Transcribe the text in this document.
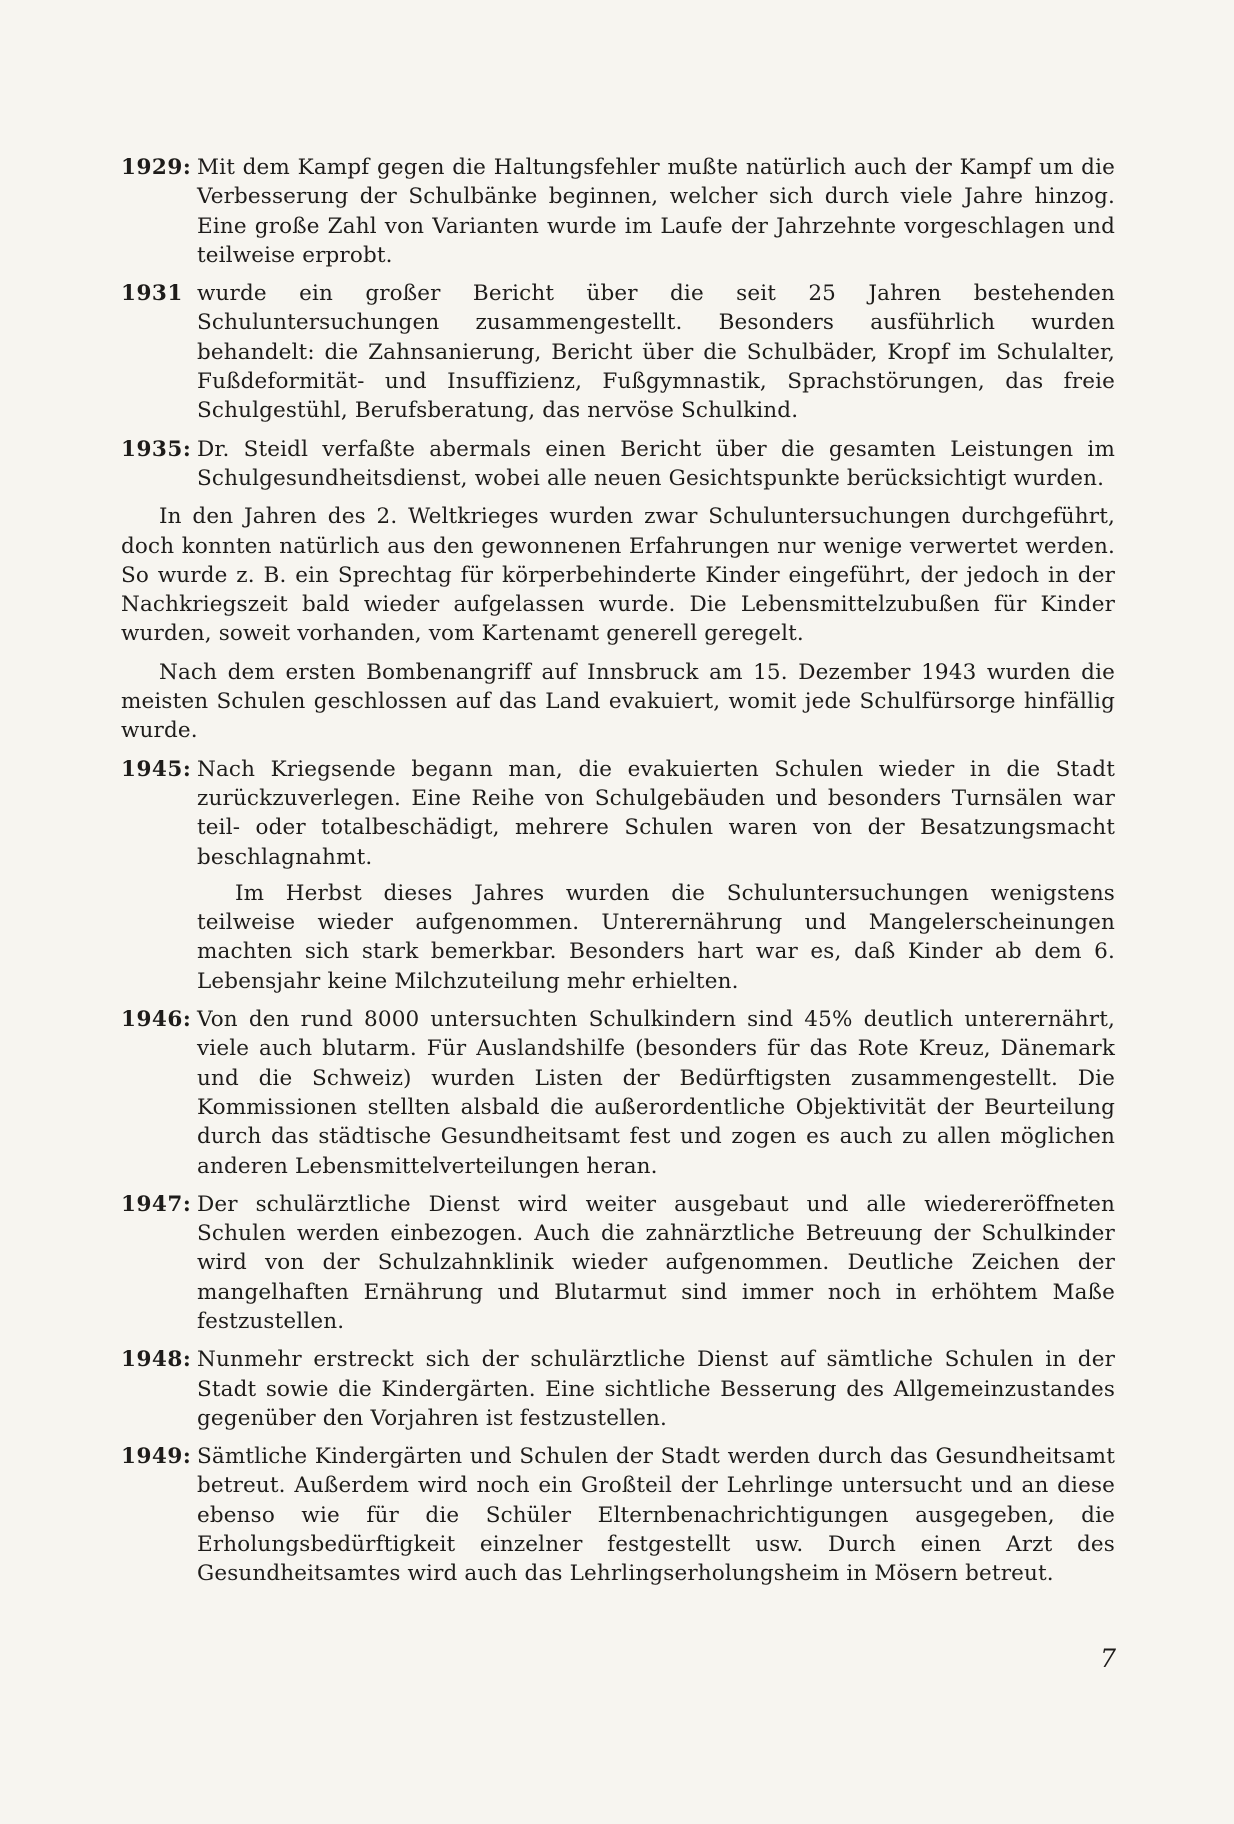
1929: Mit dem Kampf gegen die Haltungsfehler mußte natürlich auch der Kampf um die Verbesserung der Schulbänke beginnen, welcher sich durch viele Jahre hinzog. Eine große Zahl von Varianten wurde im Laufe der Jahrzehnte vorgeschlagen und teilweise erprobt.

1931 wurde ein großer Bericht über die seit 25 Jahren bestehenden Schuluntersuchungen zusammengestellt. Besonders ausführlich wurden behandelt: die Zahnsanierung, Bericht über die Schulbäder, Kropf im Schulalter, Fußdeformität- und Insuffizienz, Fußgymnastik, Sprachstörungen, das freie Schulgestühl, Berufsberatung, das nervöse Schulkind.

1935: Dr. Steidl verfaßte abermals einen Bericht über die gesamten Leistungen im Schulgesundheitsdienst, wobei alle neuen Gesichtspunkte berücksichtigt wurden.

In den Jahren des 2. Weltkrieges wurden zwar Schuluntersuchungen durchgeführt, doch konnten natürlich aus den gewonnenen Erfahrungen nur wenige verwertet werden. So wurde z. B. ein Sprechtag für körperbehinderte Kinder eingeführt, der jedoch in der Nachkriegszeit bald wieder aufgelassen wurde. Die Lebensmittelzubußen für Kinder wurden, soweit vorhanden, vom Kartenamt generell geregelt.

Nach dem ersten Bombenangriff auf Innsbruck am 15. Dezember 1943 wurden die meisten Schulen geschlossen auf das Land evakuiert, womit jede Schulfürsorge hinfällig wurde.

1945: Nach Kriegsende begann man, die evakuierten Schulen wieder in die Stadt zurückzuverlegen. Eine Reihe von Schulgebäuden und besonders Turnsälen war teil- oder totalbeschädigt, mehrere Schulen waren von der Besatzungsmacht beschlagnahmt.

Im Herbst dieses Jahres wurden die Schuluntersuchungen wenigstens teilweise wieder aufgenommen. Unterernährung und Mangelerscheinungen machten sich stark bemerkbar. Besonders hart war es, daß Kinder ab dem 6. Lebensjahr keine Milchzuteilung mehr erhielten.

1946: Von den rund 8000 untersuchten Schulkindern sind 45% deutlich unterernährt, viele auch blutarm. Für Auslandshilfe (besonders für das Rote Kreuz, Dänemark und die Schweiz) wurden Listen der Bedürftigsten zusammengestellt. Die Kommissionen stellten alsbald die außerordentliche Objektivität der Beurteilung durch das städtische Gesundheitsamt fest und zogen es auch zu allen möglichen anderen Lebensmittelverteilungen heran.

1947: Der schulärztliche Dienst wird weiter ausgebaut und alle wiedereröffneten Schulen werden einbezogen. Auch die zahnärztliche Betreuung der Schulkinder wird von der Schulzahnklinik wieder aufgenommen. Deutliche Zeichen der mangelhaften Ernährung und Blutarmut sind immer noch in erhöhtem Maße festzustellen.

1948: Nunmehr erstreckt sich der schulärztliche Dienst auf sämtliche Schulen in der Stadt sowie die Kindergärten. Eine sichtliche Besserung des Allgemeinzustandes gegenüber den Vorjahren ist festzustellen.

1949: Sämtliche Kindergärten und Schulen der Stadt werden durch das Gesundheitsamt betreut. Außerdem wird noch ein Großteil der Lehrlinge untersucht und an diese ebenso wie für die Schüler Elternbenachrichtigungen ausgegeben, die Erholungsbedürftigkeit einzelner festgestellt usw. Durch einen Arzt des Gesundheitsamtes wird auch das Lehrlingserholungsheim in Mösern betreut.

7
